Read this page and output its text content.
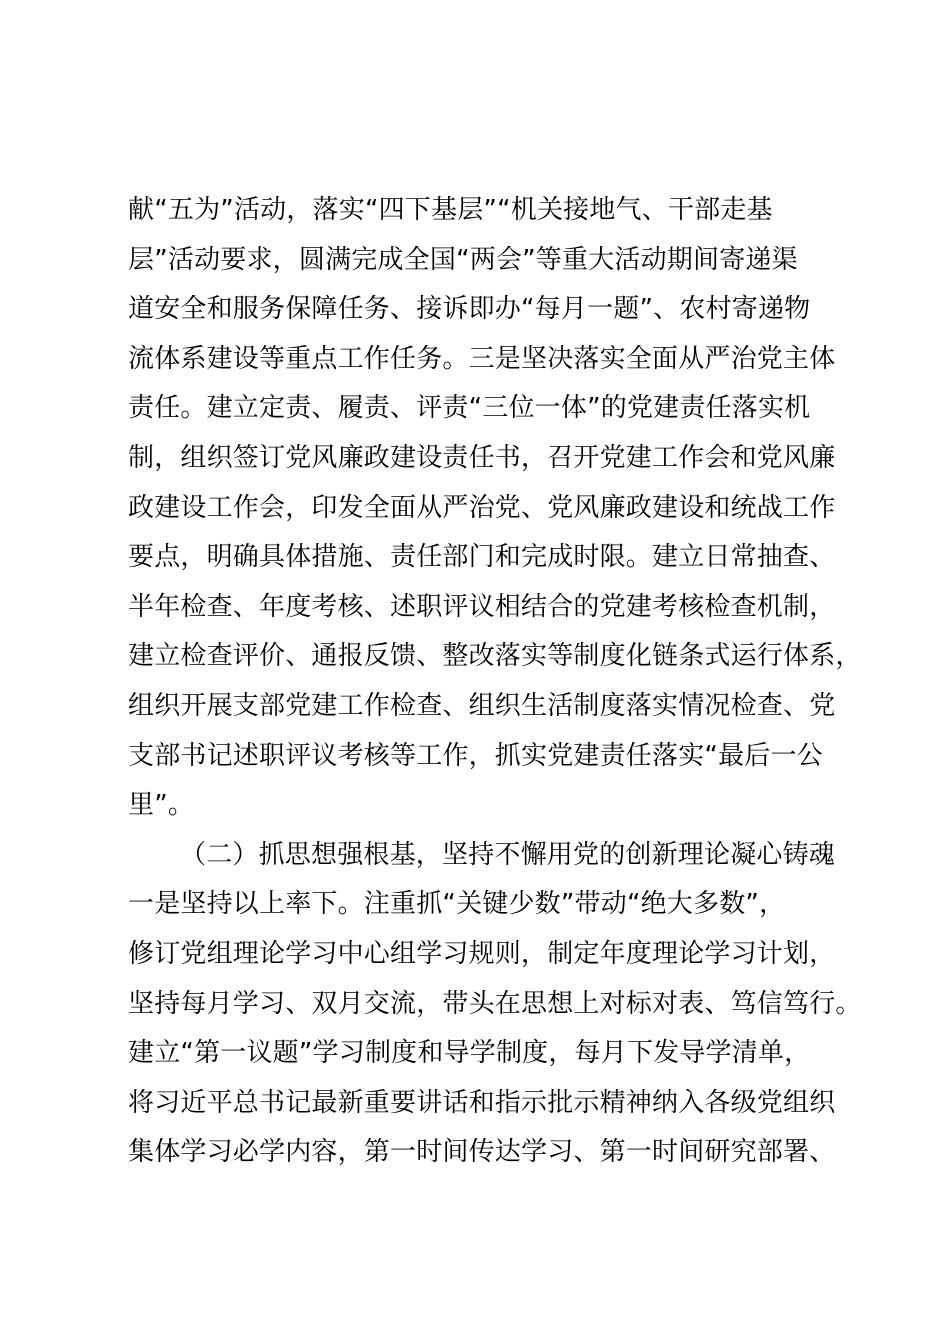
献“五为”活动，落实“四下基层”“机关接地气、干部走基
层”活动要求，圆满完成全国“两会”等重大活动期间寄递渠
道安全和服务保障任务、接诉即办“每月一题”、农村寄递物
流体系建设等重点工作任务。三是坚决落实全面从严治党主体
责任。建立定责、履责、评责“三位一体”的党建责任落实机
制，组织签订党风廉政建设责任书，召开党建工作会和党风廉
政建设工作会，印发全面从严治党、党风廉政建设和统战工作
要点，明确具体措施、责任部门和完成时限。建立日常抽查、
半年检查、年度考核、述职评议相结合的党建考核检查机制，
建立检查评价、通报反馈、整改落实等制度化链条式运行体系，
组织开展支部党建工作检查、组织生活制度落实情况检查、党
支部书记述职评议考核等工作，抓实党建责任落实“最后一公
里”。
（二）抓思想强根基，坚持不懈用党的创新理论凝心铸魂
一是坚持以上率下。注重抓“关键少数”带动“绝大多数”，
修订党组理论学习中心组学习规则，制定年度理论学习计划，
坚持每月学习、双月交流，带头在思想上对标对表、笃信笃行。
建立“第一议题”学习制度和导学制度，每月下发导学清单，
将习近平总书记最新重要讲话和指示批示精神纳入各级党组织
集体学习必学内容，第一时间传达学习、第一时间研究部署、
